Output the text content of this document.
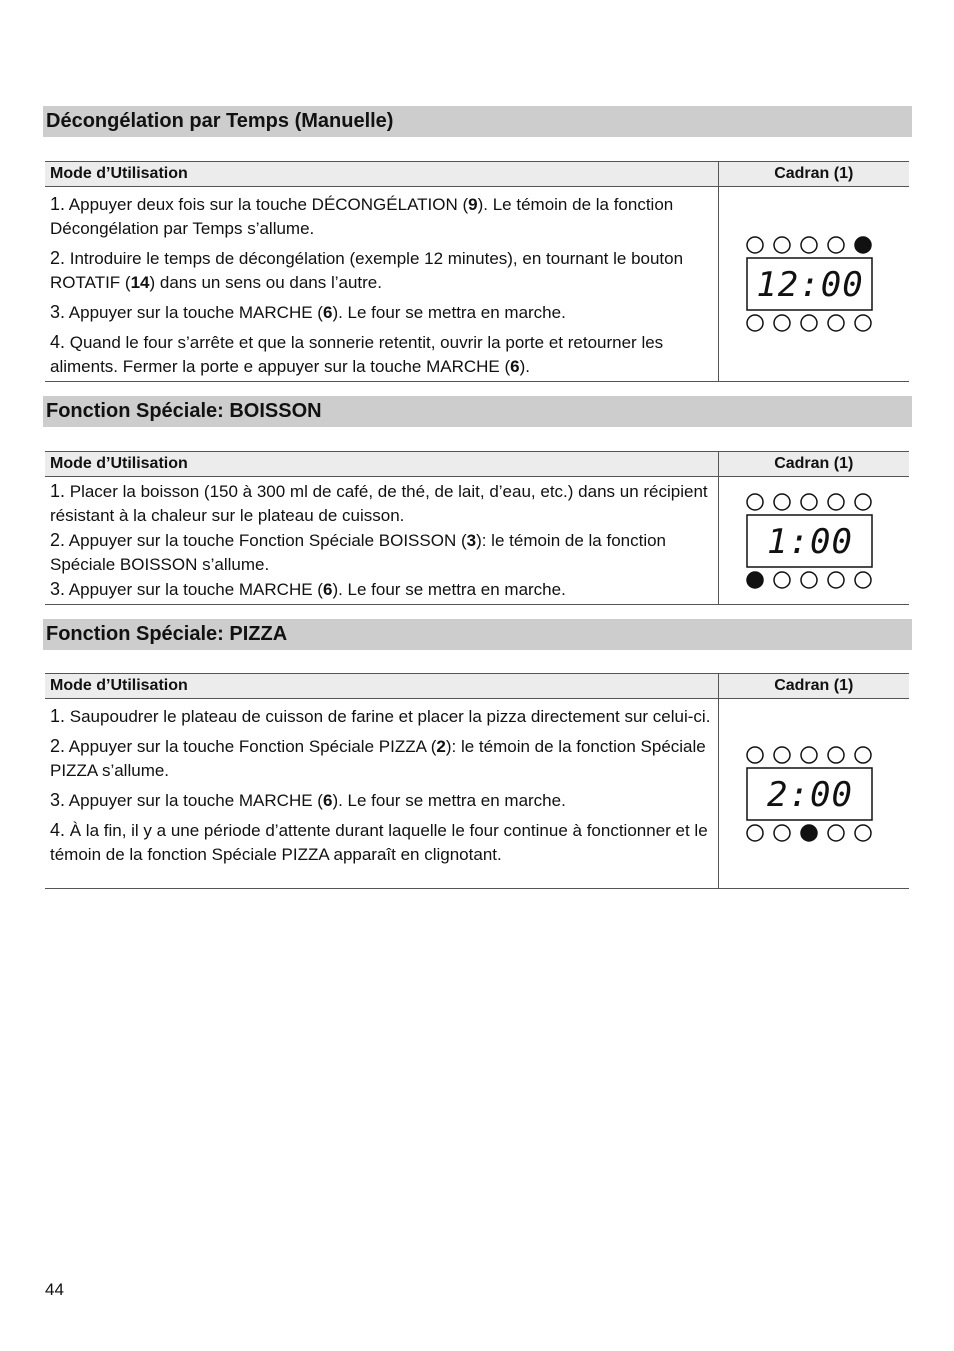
Décongélation par Temps (Manuelle)
Mode d’Utilisation	Cadran (1)

1. Appuyer deux fois sur la touche DÉCONGÉLATION (9). Le témoin de la fonction Décongélation par Temps s’allume.

2. Introduire le temps de décongélation (exemple 12 minutes), en tournant le bouton ROTATIF (14) dans un sens ou dans l’autre.

3. Appuyer sur la touche MARCHE (6). Le four se mettra en marche.

4. Quand le four s’arrête et que la sonnerie retentit, ouvrir la porte et retourner les aliments. Fermer la porte e appuyer sur la touche MARCHE (6).	12:00
Fonction Spéciale: BOISSON
Mode d’Utilisation	Cadran (1)

1. Placer la boisson (150 à 300 ml de café, de thé, de lait, d’eau, etc.) dans un récipient résistant à la chaleur sur le plateau de cuisson.

2. Appuyer sur la touche Fonction Spéciale BOISSON (3): le témoin de la fonction Spéciale BOISSON s’allume.

3. Appuyer sur la touche MARCHE (6). Le four se mettra en marche.	1:00
Fonction Spéciale: PIZZA
Mode d’Utilisation	Cadran (1)

1. Saupoudrer le plateau de cuisson de farine et placer la pizza directement sur celui-ci.

2. Appuyer sur la touche Fonction Spéciale PIZZA (2): le témoin de la fonction Spéciale PIZZA s’allume.

3. Appuyer sur la touche MARCHE (6). Le four se mettra en marche.

4. À la fin, il y a une période d’attente durant laquelle le four continue à fonctionner et le témoin de la fonction Spéciale PIZZA apparaît en clignotant.	2:00
44
